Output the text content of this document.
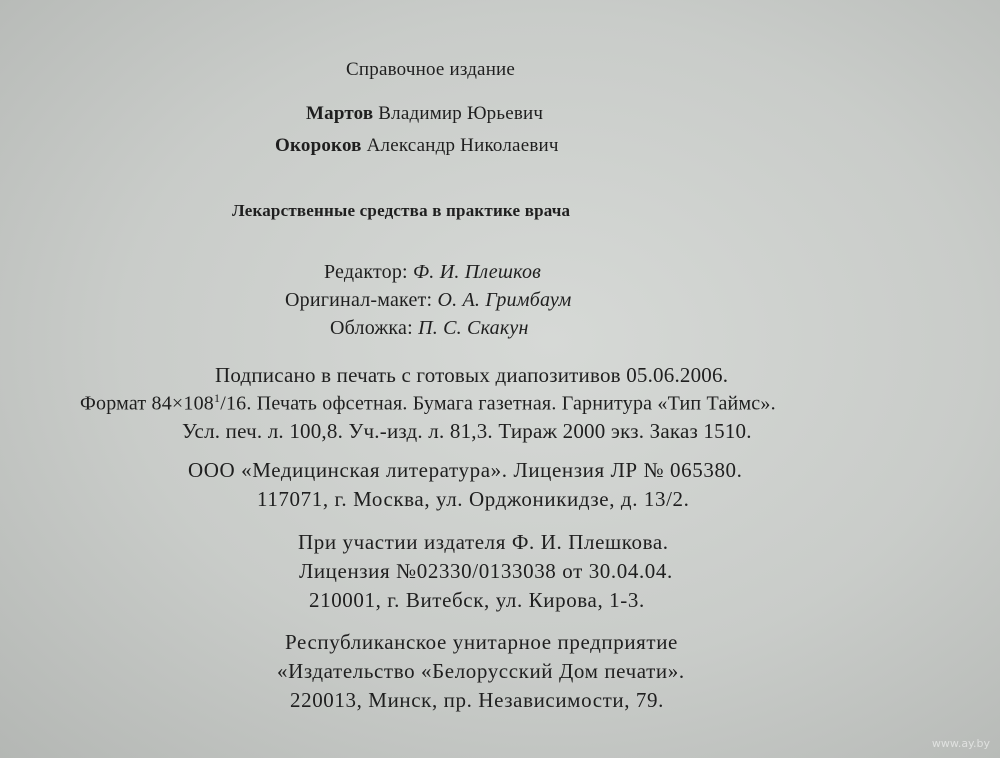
Справочное издание
Мартов Владимир Юрьевич
Окороков Александр Николаевич
Лекарственные средства в практике врача
Редактор: Ф. И. Плешков
Оригинал-макет: О. А. Гримбаум
Обложка: П. С. Скакун
Подписано в печать с готовых диапозитивов 05.06.2006.
Формат $84\times 108^1/16$. Печать офсетная. Бумага газетная. Гарнитура «Тип Таймс».
Усл. печ. л. 100,8. Уч.-изд. л. 81,3. Тираж 2000 экз. Заказ 1510.
ООО «Медицинская литература». Лицензия ЛР № 065380.
117071, г. Москва, ул. Орджоникидзе, д. 13/2.
При участии издателя Ф. И. Плешкова.
Лицензия №02330/0133038 от 30.04.04.
210001, г. Витебск, ул. Кирова, 1-3.
Республиканское унитарное предприятие
«Издательство «Белорусский Дом печати».
220013, Минск, пр. Независимости, 79.
www.ay.by
